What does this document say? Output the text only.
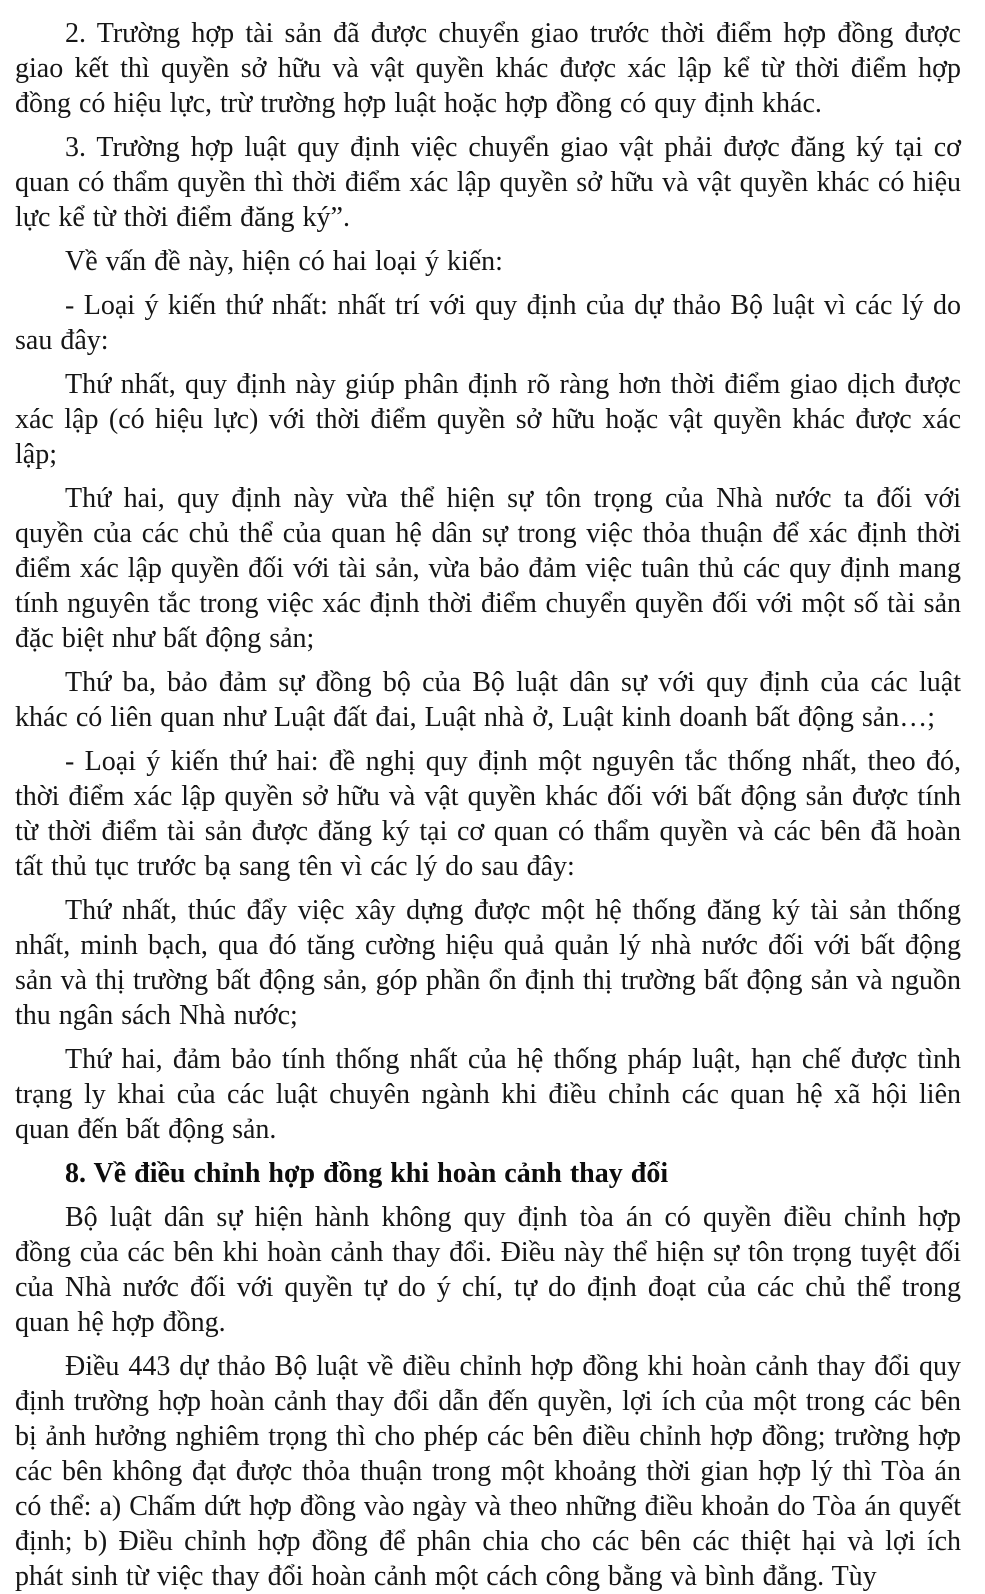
2. Trường hợp tài sản đã được chuyển giao trước thời điểm hợp đồng được giao kết thì quyền sở hữu và vật quyền khác được xác lập kể từ thời điểm hợp đồng có hiệu lực, trừ trường hợp luật hoặc hợp đồng có quy định khác.

3. Trường hợp luật quy định việc chuyển giao vật phải được đăng ký tại cơ quan có thẩm quyền thì thời điểm xác lập quyền sở hữu và vật quyền khác có hiệu lực kể từ thời điểm đăng ký”.

Về vấn đề này, hiện có hai loại ý kiến:

- Loại ý kiến thứ nhất: nhất trí với quy định của dự thảo Bộ luật vì các lý do sau đây:

Thứ nhất, quy định này giúp phân định rõ ràng hơn thời điểm giao dịch được xác lập (có hiệu lực) với thời điểm quyền sở hữu hoặc vật quyền khác được xác lập;

Thứ hai, quy định này vừa thể hiện sự tôn trọng của Nhà nước ta đối với quyền của các chủ thể của quan hệ dân sự trong việc thỏa thuận để xác định thời điểm xác lập quyền đối với tài sản, vừa bảo đảm việc tuân thủ các quy định mang tính nguyên tắc trong việc xác định thời điểm chuyển quyền đối với một số tài sản đặc biệt như bất động sản;

Thứ ba, bảo đảm sự đồng bộ của Bộ luật dân sự với quy định của các luật khác có liên quan như Luật đất đai, Luật nhà ở, Luật kinh doanh bất động sản…;

- Loại ý kiến thứ hai: đề nghị quy định một nguyên tắc thống nhất, theo đó, thời điểm xác lập quyền sở hữu và vật quyền khác đối với bất động sản được tính từ thời điểm tài sản được đăng ký tại cơ quan có thẩm quyền và các bên đã hoàn tất thủ tục trước bạ sang tên vì các lý do sau đây:

Thứ nhất, thúc đẩy việc xây dựng được một hệ thống đăng ký tài sản thống nhất, minh bạch, qua đó tăng cường hiệu quả quản lý nhà nước đối với bất động sản và thị trường bất động sản, góp phần ổn định thị trường bất động sản và nguồn thu ngân sách Nhà nước;

Thứ hai, đảm bảo tính thống nhất của hệ thống pháp luật, hạn chế được tình trạng ly khai của các luật chuyên ngành khi điều chỉnh các quan hệ xã hội liên quan đến bất động sản.

8. Về điều chỉnh hợp đồng khi hoàn cảnh thay đổi

Bộ luật dân sự hiện hành không quy định tòa án có quyền điều chỉnh hợp đồng của các bên khi hoàn cảnh thay đổi. Điều này thể hiện sự tôn trọng tuyệt đối của Nhà nước đối với quyền tự do ý chí, tự do định đoạt của các chủ thể trong quan hệ hợp đồng.

Điều 443 dự thảo Bộ luật về điều chỉnh hợp đồng khi hoàn cảnh thay đổi quy định trường hợp hoàn cảnh thay đổi dẫn đến quyền, lợi ích của một trong các bên bị ảnh hưởng nghiêm trọng thì cho phép các bên điều chỉnh hợp đồng; trường hợp các bên không đạt được thỏa thuận trong một khoảng thời gian hợp lý thì Tòa án có thể: a) Chấm dứt hợp đồng vào ngày và theo những điều khoản do Tòa án quyết định; b) Điều chỉnh hợp đồng để phân chia cho các bên các thiệt hại và lợi ích phát sinh từ việc thay đổi hoàn cảnh một cách công bằng và bình đẳng. Tùy
